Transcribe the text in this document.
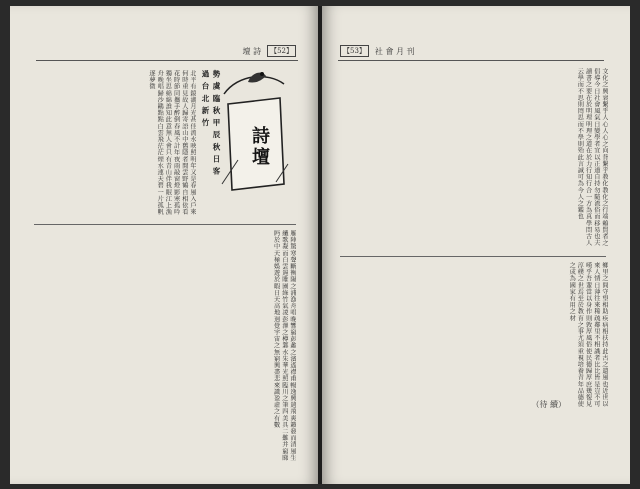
壇 詩	【52】
詩壇
勢 虞 臨 秋 甲 辰 秋 日 客 過 台 北 新 竹
北平有鏡湖月光甚佳流水映照明年又是春風入戶來何時重見故人歸寄語山中舊隱者閒雲野鶴自相依看花時節同攜手醉倒春風不計年夜雨敲窗燈影寒孤吟獨坐思綿綿誰知此意無人會只有青山伴我眠江上漁舟晚唱歸沙鷗點點白雲飛茫茫煙水連天碧一片孤帆逐夢微
雁陣驚寒聲斷衡陽之浦漁舟唱晚響窮彭蠡之濱遙襟甫暢逸興遄飛爽籟發而清風生纖歌凝而白雲遏睢園綠竹氣凌彭澤之樽鄴水朱華光照臨川之筆四美具二難并窮睇眄於中天極娛遊於暇日天高地迥覺宇宙之無窮興盡悲來識盈虛之有數
【53】	社 會 月 刊
文化之興衰繫乎人心人心之向背繫乎教化教化之行端賴賢者之倡導今日社會風氣日變學者宜以正道自持勿隨流俗而移易也夫讀書之要在於明理明理之道在於力行知行合一方為真學問古人云學而不思則罔思而不學則殆此言誠可為今人之鑑也
鄉里之間守望相助疾病相扶持此古之遺風也近世以來人情日薄往來稀疏鄰里不相識者比比皆是豈不可嘆乎吾輩當以身作則敦厚風俗使民德歸厚庶幾復見淳樸之世焉至於教育之事尤須重視培養青年品德使之成為國家有用之材
（待 續）
